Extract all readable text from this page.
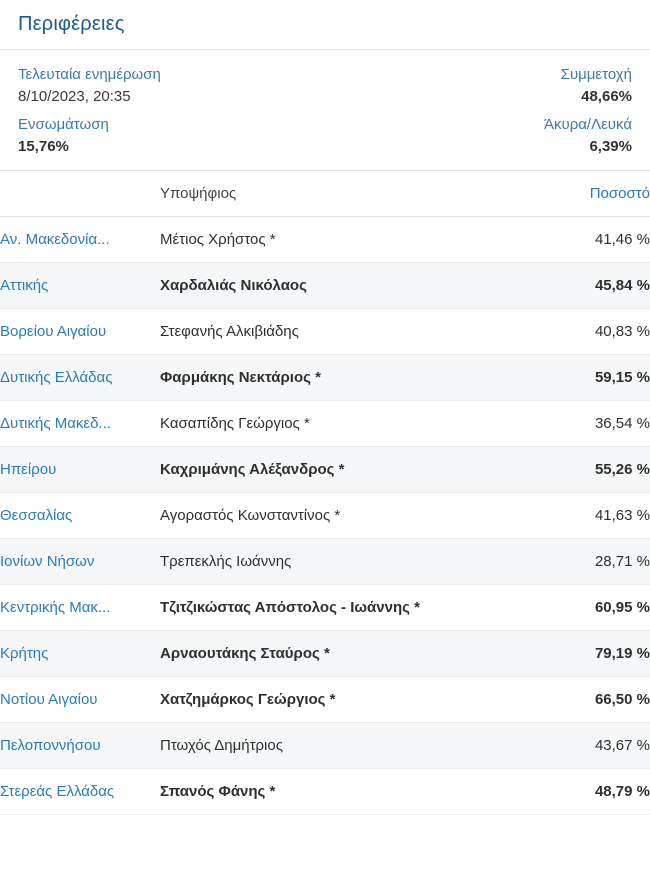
Περιφέρειες
Τελευταία ενημέρωση
8/10/2023, 20:35
Συμμετοχή
48,66%
Ενσωμάτωση
15,76%
Άκυρα/Λευκά
6,39%
	Υποψήφιος	Ποσοστό
Αν. Μακεδονία...	Μέτιος Χρήστος *	41,46 %
Αττικής	Χαρδαλιάς Νικόλαος	45,84 %
Βορείου Αιγαίου	Στεφανής Αλκιβιάδης	40,83 %
Δυτικής Ελλάδας	Φαρμάκης Νεκτάριος *	59,15 %
Δυτικής Μακεδ...	Κασαπίδης Γεώργιος *	36,54 %
Ηπείρου	Καχριμάνης Αλέξανδρος *	55,26 %
Θεσσαλίας	Αγοραστός Κωνσταντίνος *	41,63 %
Ιονίων Νήσων	Τρεπεκλής Ιωάννης	28,71 %
Κεντρικής Μακ...	Τζιτζικώστας Απόστολος - Ιωάννης *	60,95 %
Κρήτης	Αρναουτάκης Σταύρος *	79,19 %
Νοτίου Αιγαίου	Χατζημάρκος Γεώργιος *	66,50 %
Πελοποννήσου	Πτωχός Δημήτριος	43,67 %
Στερεάς Ελλάδας	Σπανός Φάνης *	48,79 %
